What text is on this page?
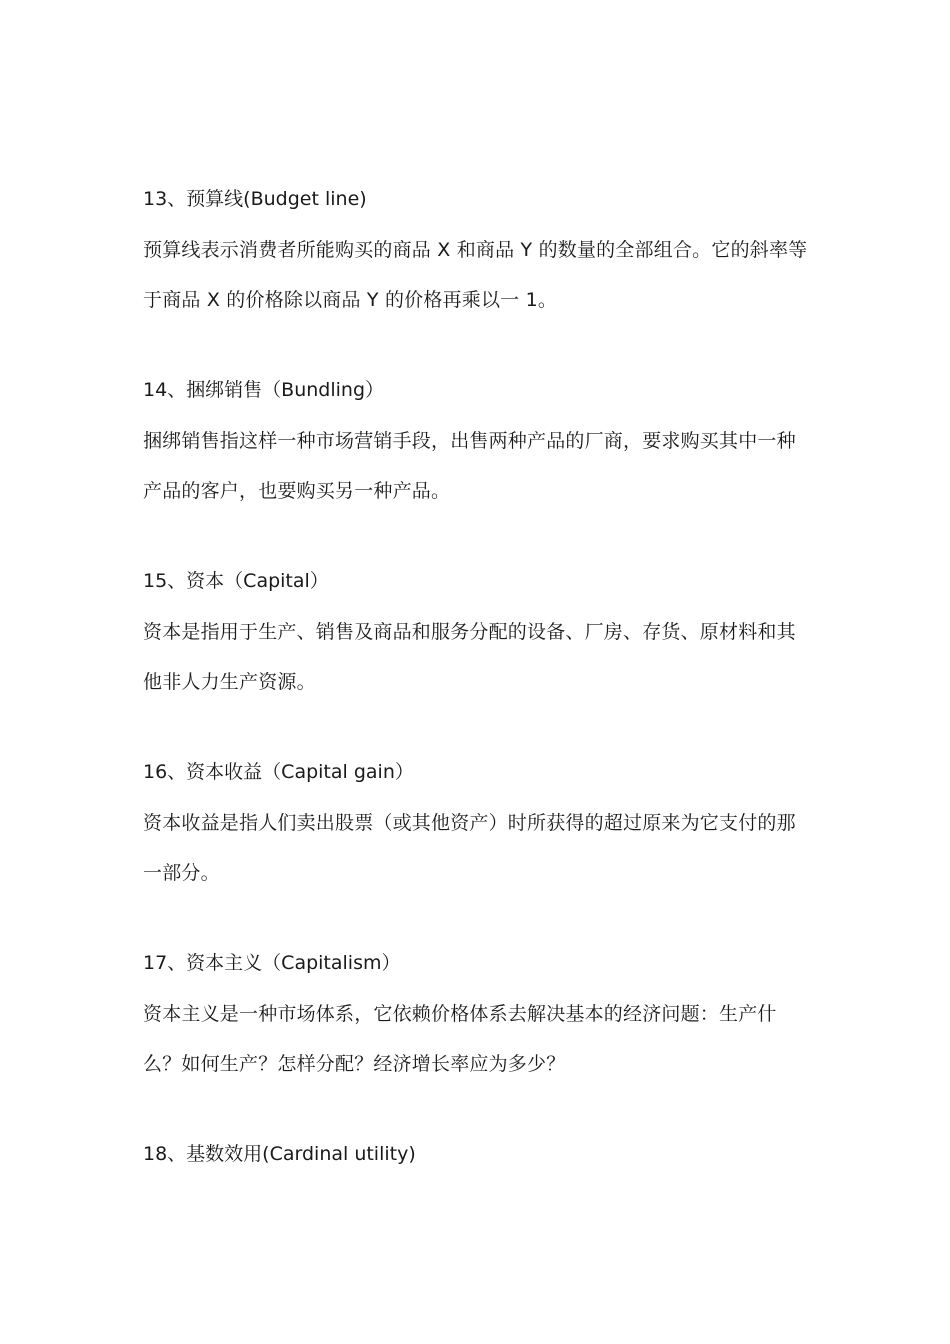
13、预算线(Budget line)

预算线表示消费者所能购买的商品 X 和商品 Y 的数量的全部组合。它的斜率等于商品 X 的价格除以商品 Y 的价格再乘以一 1。

14、捆绑销售（Bundling）

捆绑销售指这样一种市场营销手段，出售两种产品的厂商，要求购买其中一种产品的客户，也要购买另一种产品。

15、资本（Capital）

资本是指用于生产、销售及商品和服务分配的设备、厂房、存货、原材料和其他非人力生产资源。

16、资本收益（Capital gain）

资本收益是指人们卖出股票（或其他资产）时所获得的超过原来为它支付的那一部分。

17、资本主义（Capitalism）

资本主义是一种市场体系，它依赖价格体系去解决基本的经济问题：生产什么？如何生产？怎样分配？经济增长率应为多少？

18、基数效用(Cardinal utility)
